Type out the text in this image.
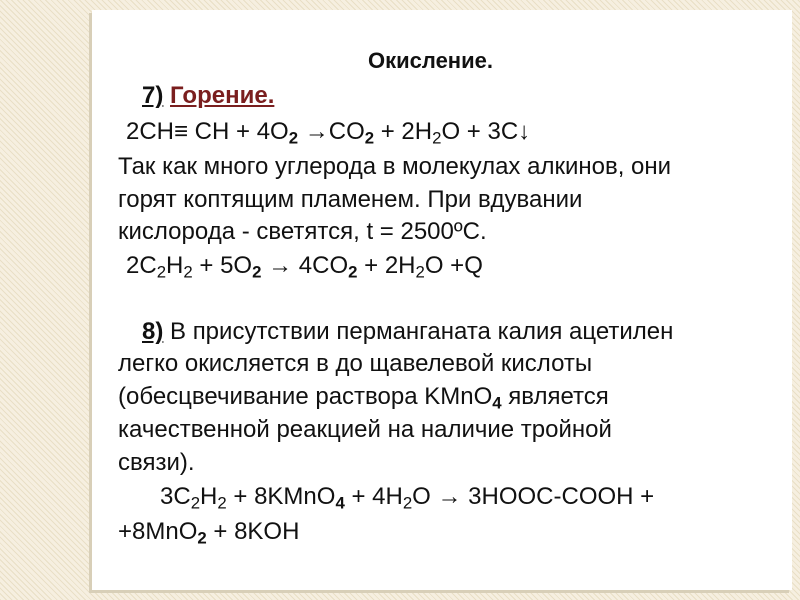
Окисление.
7) Горение.
2CH≡ CH + $4O_2 \to CO_2 + 2H_2O$ + 3C↓
Так как много углерода в молекулах алкинов, они
горят коптящим пламенем. При вдувании
кислорода - светятся, t = 2500ºC.
$2C_2H_2 + 5O_2 \to 4CO_2 + 2H_2O +Q$
8) В присутствии перманганата калия ацетилен
легко окисляется в до щавелевой кислоты
(обесцвечивание раствора KMnO$_4$ является
качественной реакцией на наличие тройной
связи).
$3C_2H_2$ + 8KMnO$_4$ + $4H_2O$ → 3HOOC-COOH +
+8MnO$_2$ + 8KOH
